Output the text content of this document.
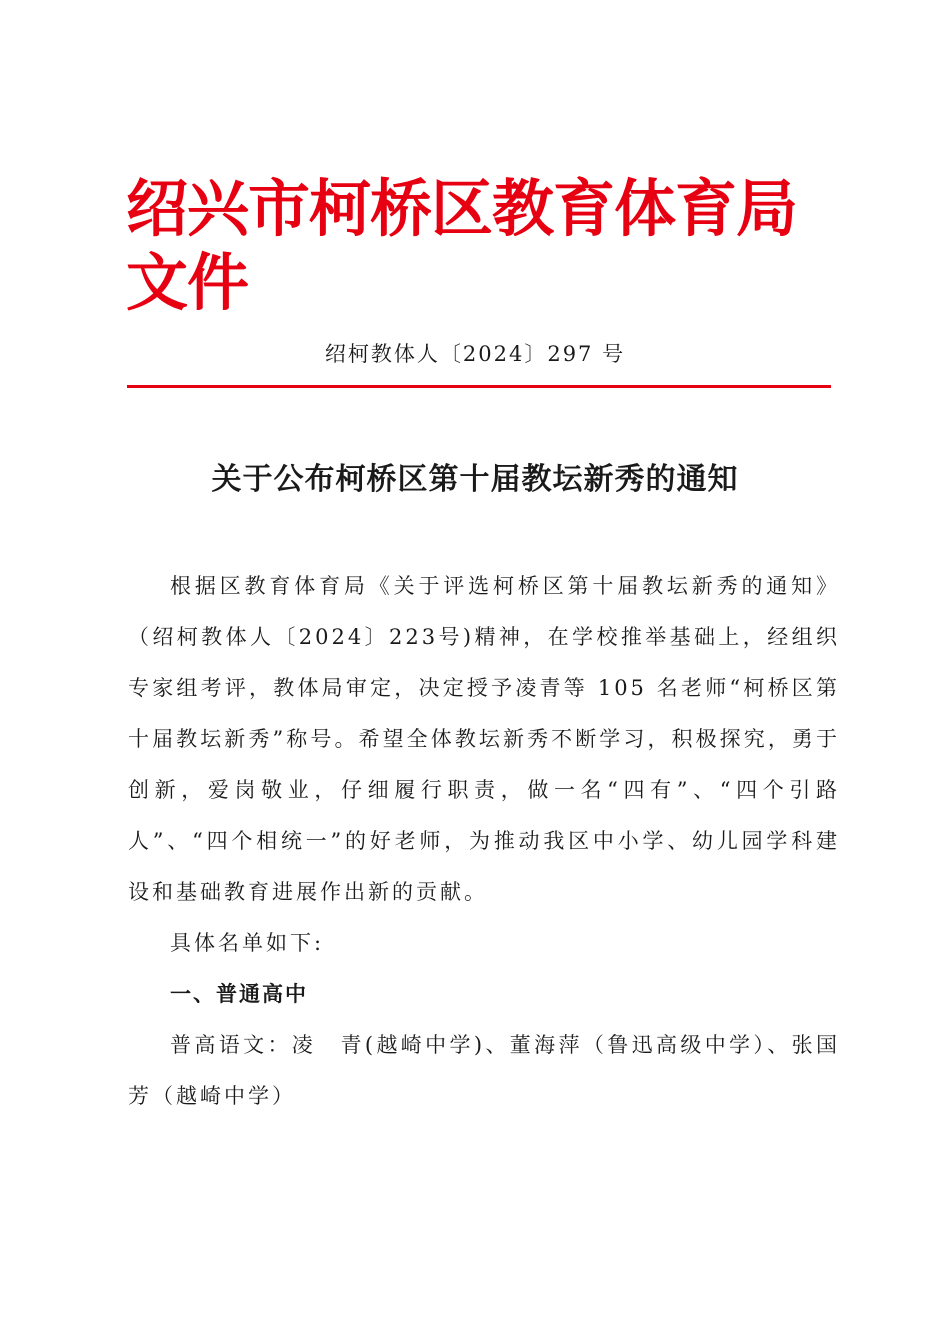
绍兴市柯桥区教育体育局文件
绍柯教体人〔2024〕297 号
关于公布柯桥区第十届教坛新秀的通知

根据区教育体育局《关于评选柯桥区第十届教坛新秀的通知》（绍柯教体人〔2024〕223号)精神，在学校推举基础上，经组织专家组考评，教体局审定，决定授予凌青等 105 名老师“柯桥区第十届教坛新秀”称号。希望全体教坛新秀不断学习，积极探究，勇于创新，爱岗敬业，仔细履行职责，做一名“四有”、“四个引路人”、“四个相统一”的好老师，为推动我区中小学、幼儿园学科建设和基础教育进展作出新的贡献。

具体名单如下:

一、普通高中

普高语文：凌　青(越崎中学)、董海萍（鲁迅高级中学）、张国芳（越崎中学）
